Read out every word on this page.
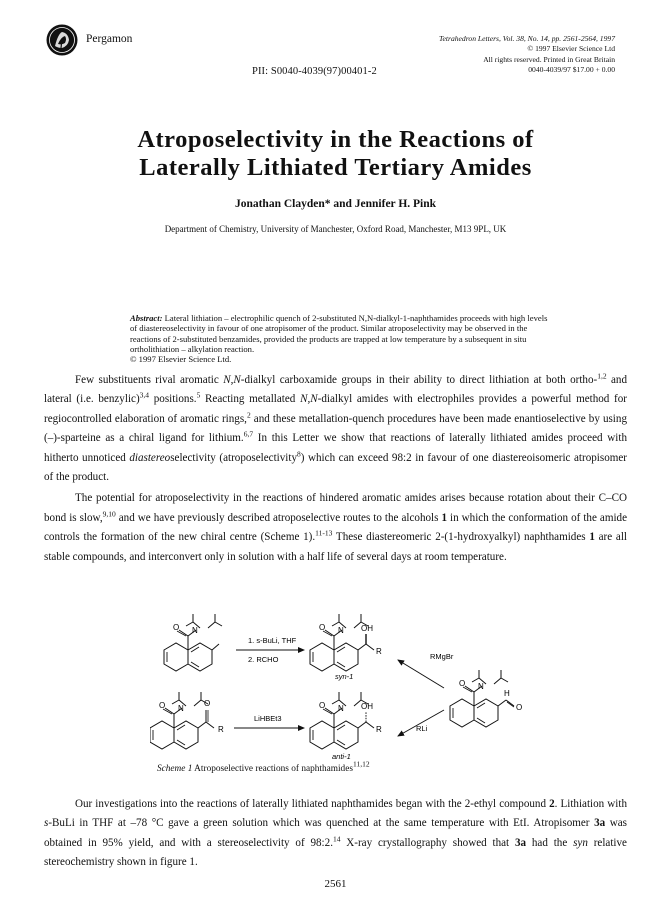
Pergamon	Tetrahedron Letters, Vol. 38, No. 14, pp. 2561-2564, 1997
© 1997 Elsevier Science Ltd
All rights reserved. Printed in Great Britain
0040-4039/97 $17.00 + 0.00
PII: S0040-4039(97)00401-2
Atroposelectivity in the Reactions of
Laterally Lithiated Tertiary Amides
Jonathan Clayden* and Jennifer H. Pink
Department of Chemistry, University of Manchester, Oxford Road, Manchester, M13 9PL, UK
Abstract: Lateral lithiation – electrophilic quench of 2-substituted N,N-dialkyl-1-naphthamides proceeds with high levels of diastereoselectivity in favour of one atropisomer of the product. Similar atroposelectivity may be observed in the reactions of 2-substituted benzamides, provided the products are trapped at low temperature by a subsequent in situ ortholithiation – alkylation reaction.
© 1997 Elsevier Science Ltd.

Few substituents rival aromatic N,N-dialkyl carboxamide groups in their ability to direct lithiation at both ortho-$^{1,2}$ and lateral (i.e. benzylic)$^{3,4}$ positions.$^5$ Reacting metallated N,N-dialkyl amides with electrophiles provides a powerful method for regiocontrolled elaboration of aromatic rings,$^2$ and these metallation-quench procedures have been made enantioselective by using (–)-sparteine as a chiral ligand for lithium.$^{6,7}$ In this Letter we show that reactions of laterally lithiated amides proceed with hitherto unnoticed diastereoselectivity (atroposelectivity$^8$) which can exceed 98:2 in favour of one diastereoisomeric atropisomer of the product.

The potential for atroposelectivity in the reactions of hindered aromatic amides arises because rotation about their C–CO bond is slow,$^{9,10}$ and we have previously described atroposelective routes to the alcohols 1 in which the conformation of the amide controls the formation of the new chiral centre (Scheme 1).$^{11-13}$ These diastereomeric 2-(1-hydroxyalkyl) naphthamides 1 are all stable compounds, and interconvert only in solution with a half life of several days at room temperature.

O N
1. s-BuLi, THF
2. RCHO
O N OH
R
syn-1
O N
H
O
RMgBr
RLi
O N
O
R
LiHBEt3
O N OH
R
anti-1
Scheme 1 Atroposelective reactions of naphthamides$^{11,12}$

Our investigations into the reactions of laterally lithiated naphthamides began with the 2-ethyl compound 2. Lithiation with s-BuLi in THF at –78 °C gave a green solution which was quenched at the same temperature with EtI. Atropisomer 3a was obtained in 95% yield, and with a stereoselectivity of 98:2.14 X-ray crystallography showed that 3a had the syn relative stereochemistry shown in figure 1.

2561
